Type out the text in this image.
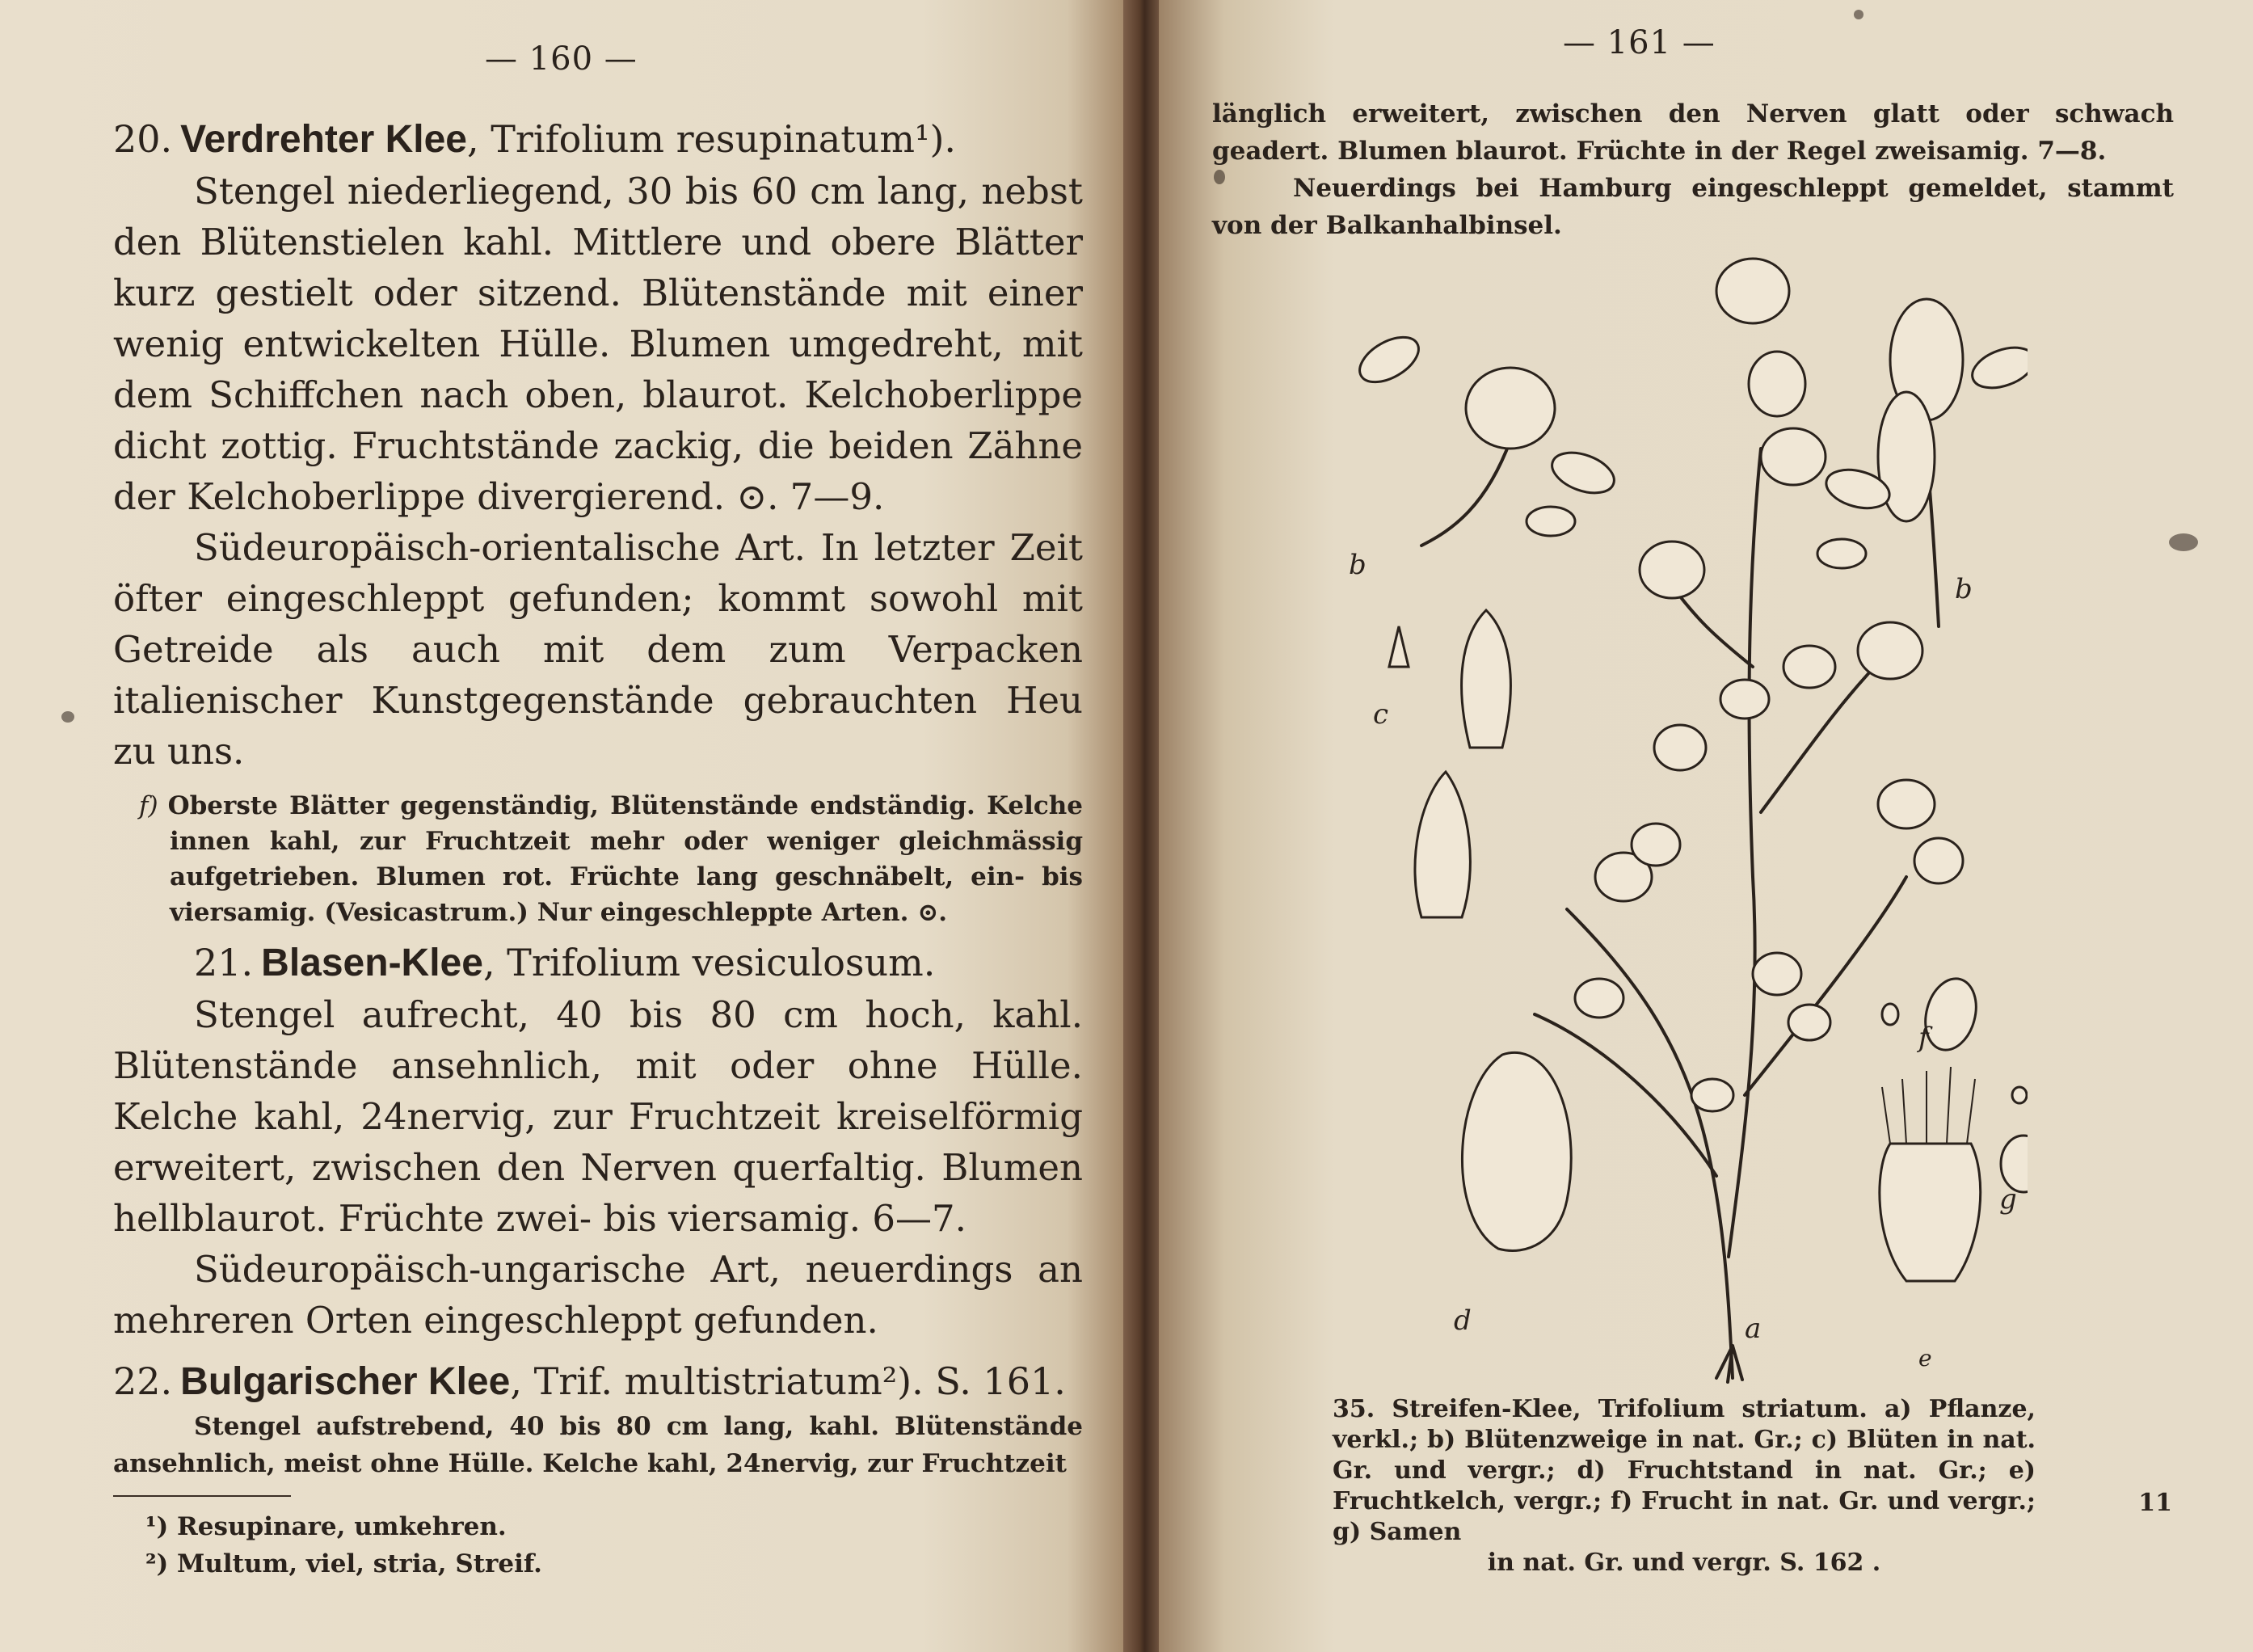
— 160 —
20. Verdrehter Klee, Trifolium resupinatum¹).

Stengel niederliegend, 30 bis 60 cm lang, nebst den Blütenstielen kahl. Mittlere und obere Blätter kurz gestielt oder sitzend. Blütenstände mit einer wenig entwickelten Hülle. Blumen umgedreht, mit dem Schiffchen nach oben, blaurot. Kelchoberlippe dicht zottig. Fruchtstände zackig, die beiden Zähne der Kelchoberlippe divergierend. ⊙. 7—9.

Südeuropäisch-orientalische Art. In letzter Zeit öfter eingeschleppt gefunden; kommt sowohl mit Getreide als auch mit dem zum Verpacken italienischer Kunstgegenstände gebrauchten Heu zu uns.

f) Oberste Blätter gegenständig, Blütenstände endständig. Kelche innen kahl, zur Fruchtzeit mehr oder weniger gleichmässig aufgetrieben. Blumen rot. Früchte lang geschnäbelt, ein- bis viersamig. (Vesicastrum.) Nur eingeschleppte Arten. ⊙.

21. Blasen-Klee, Trifolium vesiculosum.

Stengel aufrecht, 40 bis 80 cm hoch, kahl. Blütenstände ansehnlich, mit oder ohne Hülle. Kelche kahl, 24nervig, zur Fruchtzeit kreiselförmig erweitert, zwischen den Nerven querfaltig. Blumen hellblaurot. Früchte zwei- bis viersamig. 6—7.

Südeuropäisch-ungarische Art, neuerdings an mehreren Orten eingeschleppt gefunden.

22. Bulgarischer Klee, Trif. multistriatum²). S. 161.

Stengel aufstrebend, 40 bis 80 cm lang, kahl. Blütenstände ansehnlich, meist ohne Hülle. Kelche kahl, 24nervig, zur Fruchtzeit

¹) Resupinare, umkehren.
²) Multum, viel, stria, Streif.
— 161 —

länglich erweitert, zwischen den Nerven glatt oder schwach geadert. Blumen blaurot. Früchte in der Regel zweisamig. 7—8.

Neuerdings bei Hamburg eingeschleppt gemeldet, stammt von der Balkanhalbinsel.

b
b
c
f
g
d	a
e
35. Streifen-Klee, Trifolium striatum. a) Pflanze, verkl.; b) Blütenzweige in nat. Gr.; c) Blüten in nat. Gr. und vergr.; d) Fruchtstand in nat. Gr.; e) Fruchtkelch, vergr.; f) Frucht in nat. Gr. und vergr.; g) Samen
in nat. Gr. und vergr. S. 162 .
11
